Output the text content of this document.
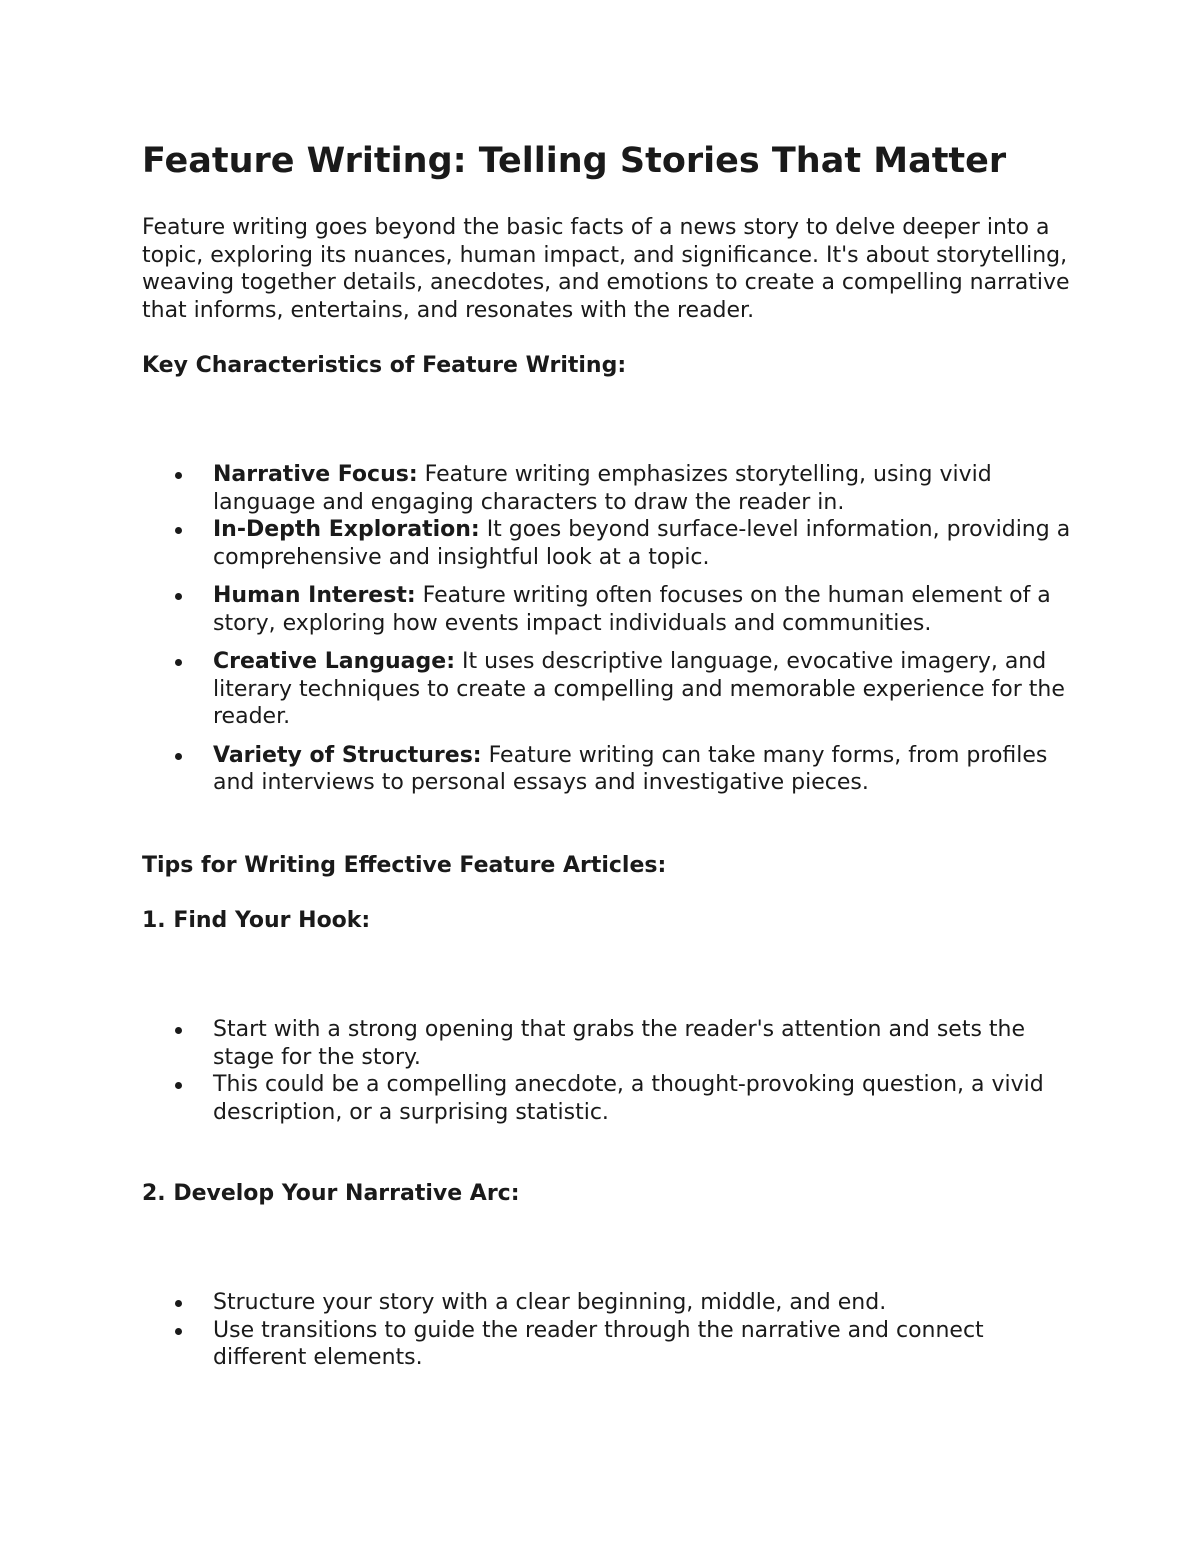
Feature Writing: Telling Stories That Matter

Feature writing goes beyond the basic facts of a news story to delve deeper into a topic, exploring its nuances, human impact, and significance. It's about storytelling, weaving together details, anecdotes, and emotions to create a compelling narrative that informs, entertains, and resonates with the reader.

Key Characteristics of Feature Writing:
Narrative Focus: Feature writing emphasizes storytelling, using vivid language and engaging characters to draw the reader in.
In-Depth Exploration: It goes beyond surface-level information, providing a comprehensive and insightful look at a topic.
Human Interest: Feature writing often focuses on the human element of a story, exploring how events impact individuals and communities.
Creative Language: It uses descriptive language, evocative imagery, and literary techniques to create a compelling and memorable experience for the reader.
Variety of Structures: Feature writing can take many forms, from profiles and interviews to personal essays and investigative pieces.
Tips for Writing Effective Feature Articles:
1. Find Your Hook:
Start with a strong opening that grabs the reader's attention and sets the stage for the story.
This could be a compelling anecdote, a thought-provoking question, a vivid description, or a surprising statistic.
2. Develop Your Narrative Arc:
Structure your story with a clear beginning, middle, and end.
Use transitions to guide the reader through the narrative and connect different elements.
